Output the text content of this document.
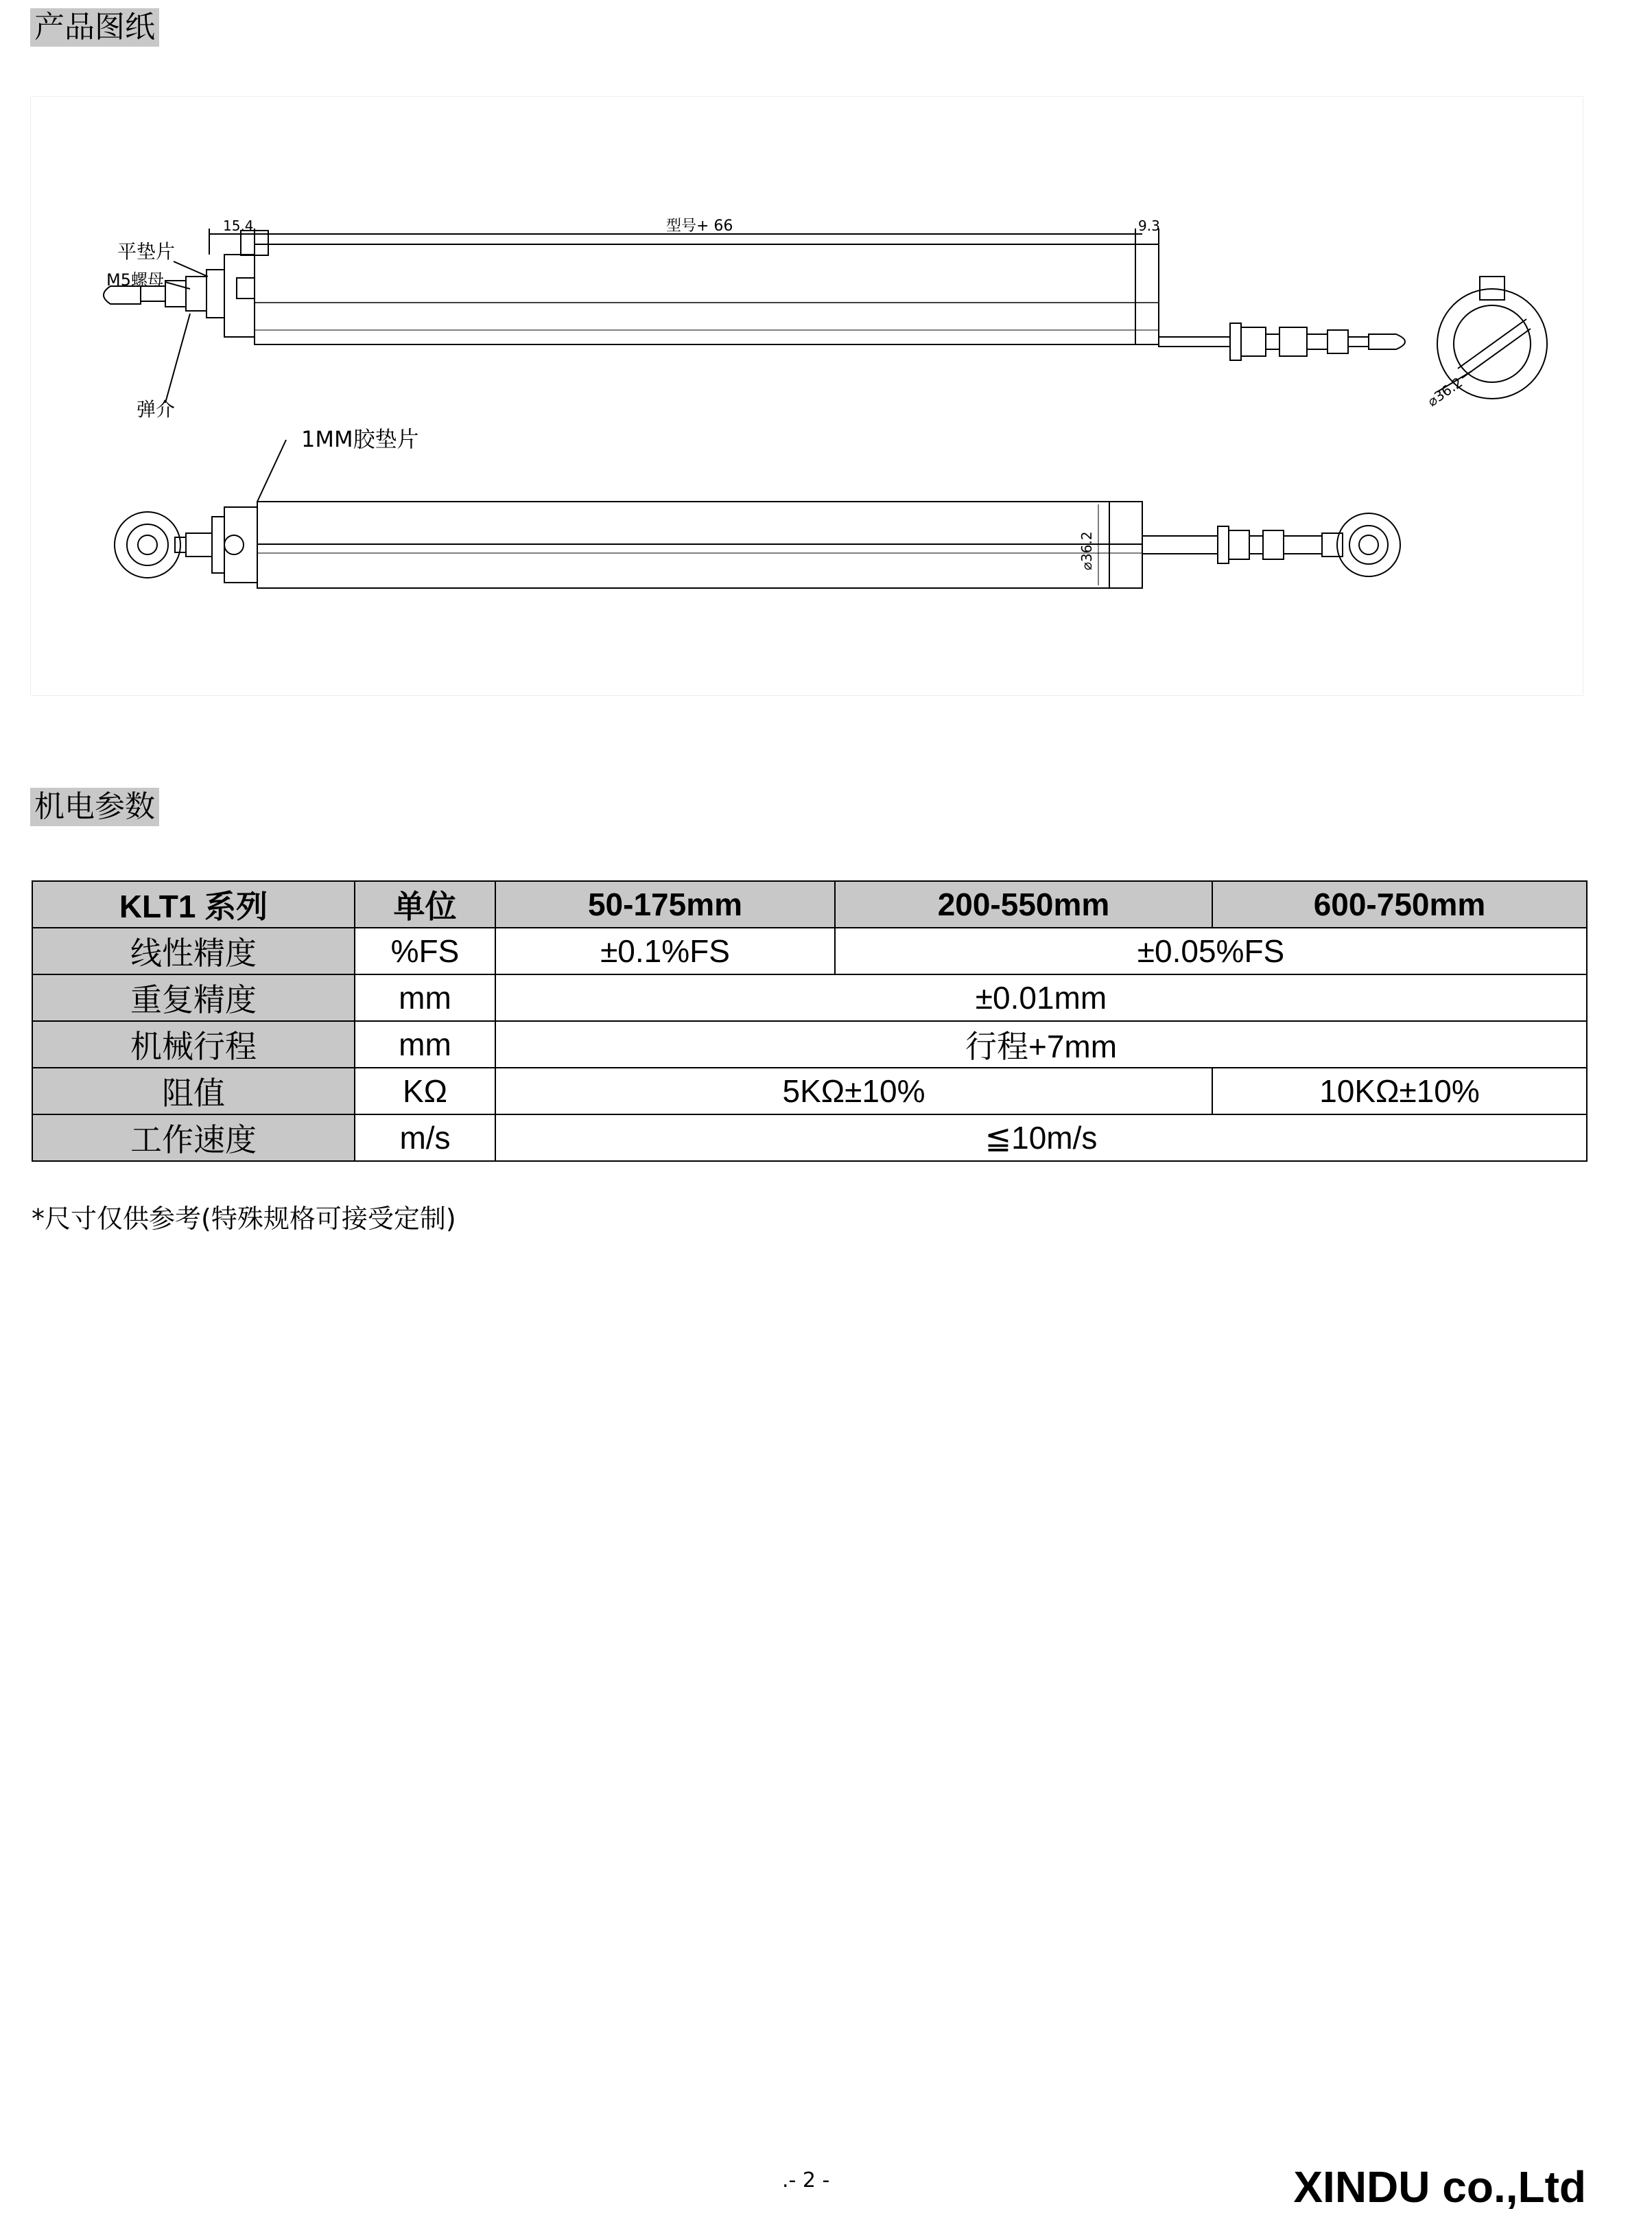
产品图纸
15.4	型号+ 66	9.3
平垫片
M5螺母
弹介
1MM胶垫片
⌀36.2
⌀36.2
机电参数
KLT1 系列	单位	50-175mm	200-550mm	600-750mm
线性精度	%FS	±0.1%FS	±0.05%FS	
重复精度	mm	±0.01mm		
机械行程	mm	行程+7mm		
阻值	KΩ	5KΩ±10%		10KΩ±10%
工作速度	m/s	≦10m/s		
*尺寸仅供参考(特殊规格可接受定制)
.- 2 -	XINDU co.,Ltd
